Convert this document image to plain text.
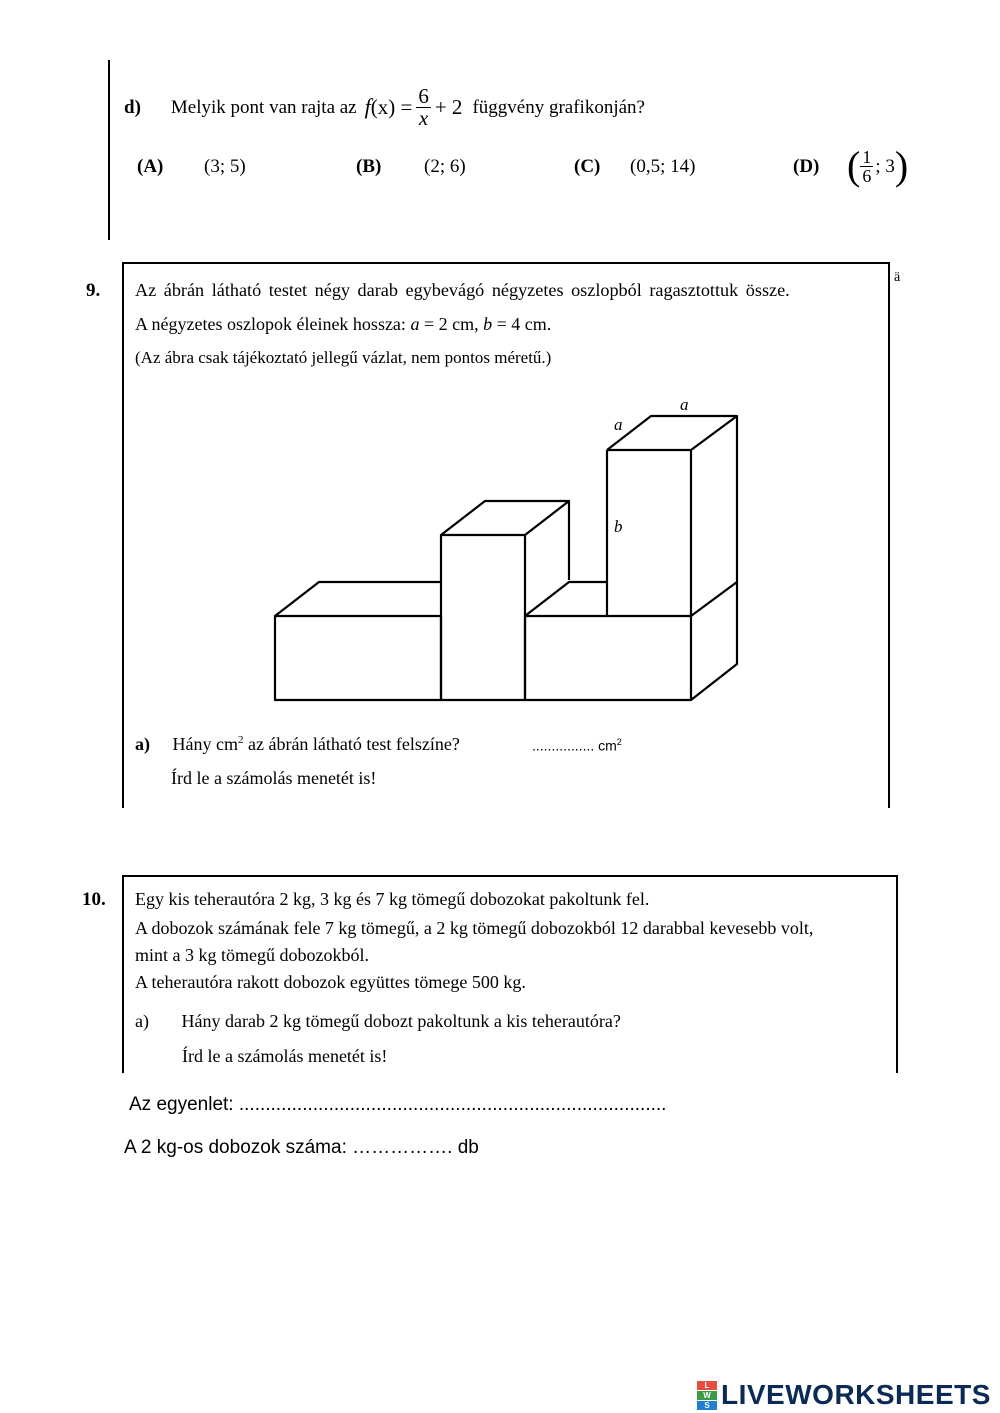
d) Melyik pont van rajta az f $(x) = \frac{6}{x} + 2$ függvény grafikonján?
(A) (3; 5)	(B) (2; 6)	(C) (0,5; 14)	(D) ( $\frac{1}{6}$ ; 3 )
9.
ä
Az ábrán látható testet négy darab egybevágó négyzetes oszlopból ragasztottuk össze.
A négyzetes oszlopok éleinek hossza: a = 2 cm, b = 4 cm.
(Az ábra csak tájékoztató jellegű vázlat, nem pontos méretű.)
a
a
b
a) Hány $cm^2$ az ábrán látható test felszíne?	................ $cm^2$
Írd le a számolás menetét is!
10. Egy kis teherautóra 2 kg, 3 kg és 7 kg tömegű dobozokat pakoltunk fel.
A dobozok számának fele 7 kg tömegű, a 2 kg tömegű dobozokból 12 darabbal kevesebb volt,
mint a 3 kg tömegű dobozokból.
A teherautóra rakott dobozok együttes tömege 500 kg.
a) Hány darab 2 kg tömegű dobozt pakoltunk a kis teherautóra?
Írd le a számolás menetét is!
Az egyenlet: .................................................................................
A 2 kg-os dobozok száma: ……………. db
L
W
S LIVEWORKSHEETS
